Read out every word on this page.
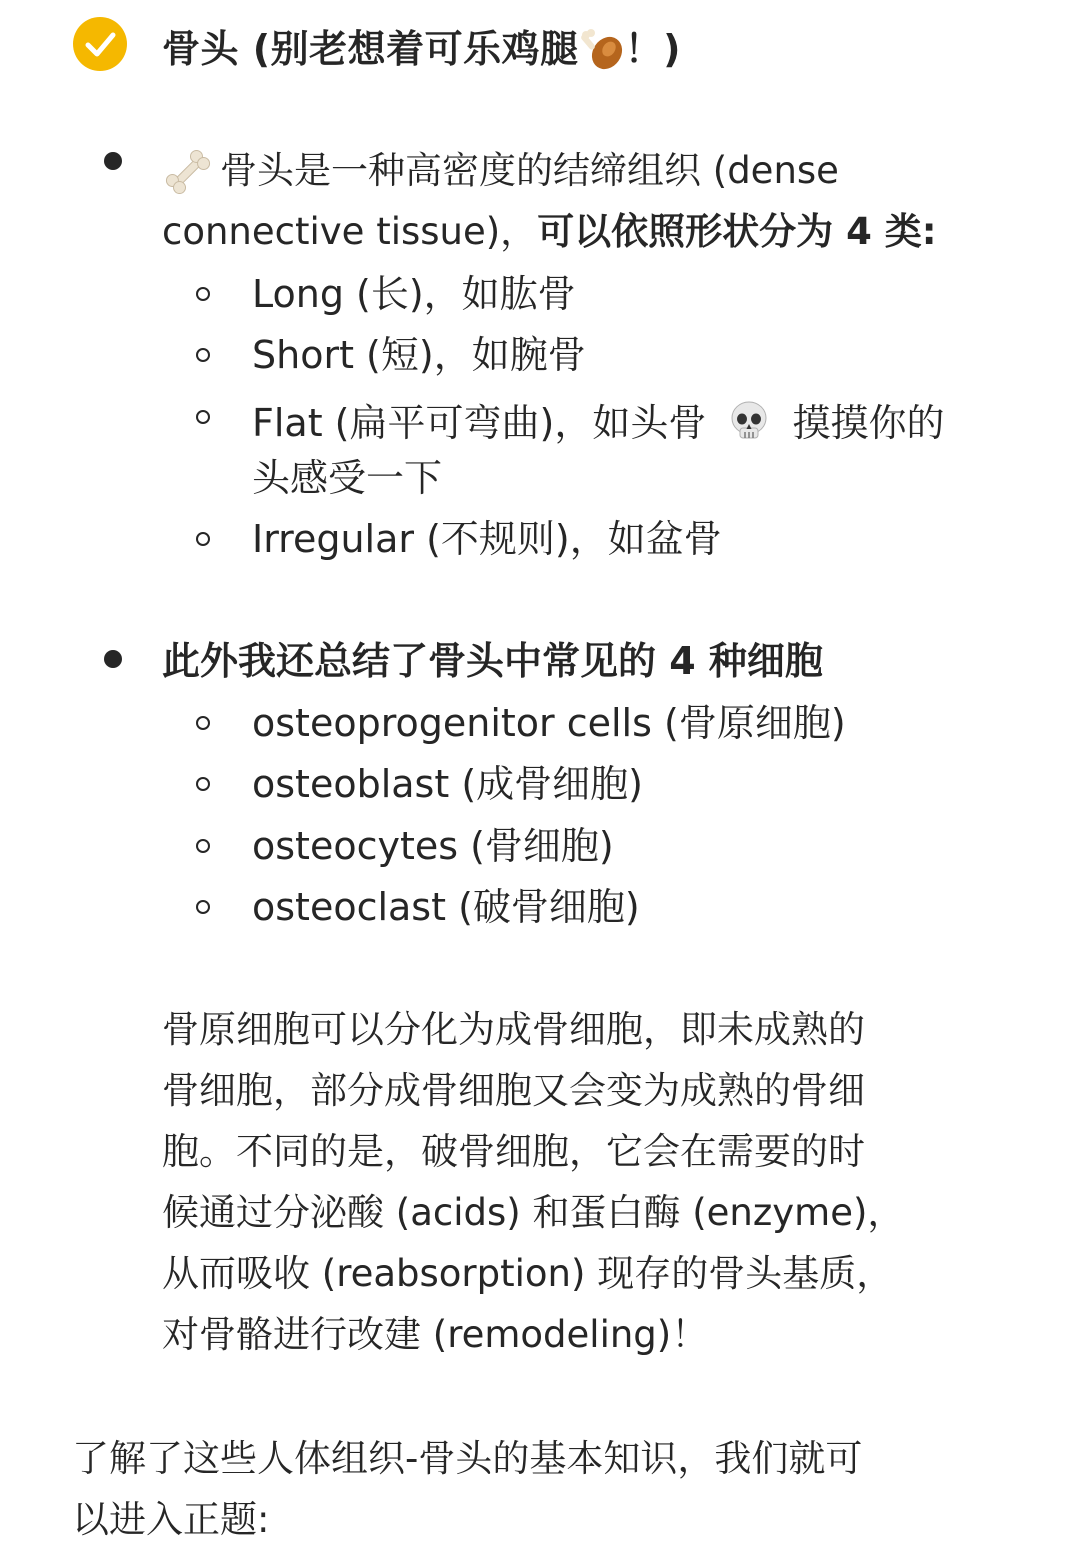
骨头 (别老想着可乐鸡腿 ！)
骨头是一种高密度的结缔组织 (dense
connective tissue)，可以依照形状分为 4 类:
Long (长)，如肱骨
Short (短)，如腕骨
Flat (扁平可弯曲)，如头骨 摸摸你的
头感受一下
Irregular (不规则)，如盆骨
此外我还总结了骨头中常见的 4 种细胞
osteoprogenitor cells (骨原细胞)
osteoblast (成骨细胞)
osteocytes (骨细胞)
osteoclast (破骨细胞)
骨原细胞可以分化为成骨细胞，即未成熟的
骨细胞，部分成骨细胞又会变为成熟的骨细
胞。不同的是，破骨细胞，它会在需要的时
候通过分泌酸 (acids) 和蛋白酶 (enzyme)，
从而吸收 (reabsorption) 现存的骨头基质，
对骨骼进行改建 (remodeling)！
了解了这些人体组织-骨头的基本知识，我们就可
以进入正题:
